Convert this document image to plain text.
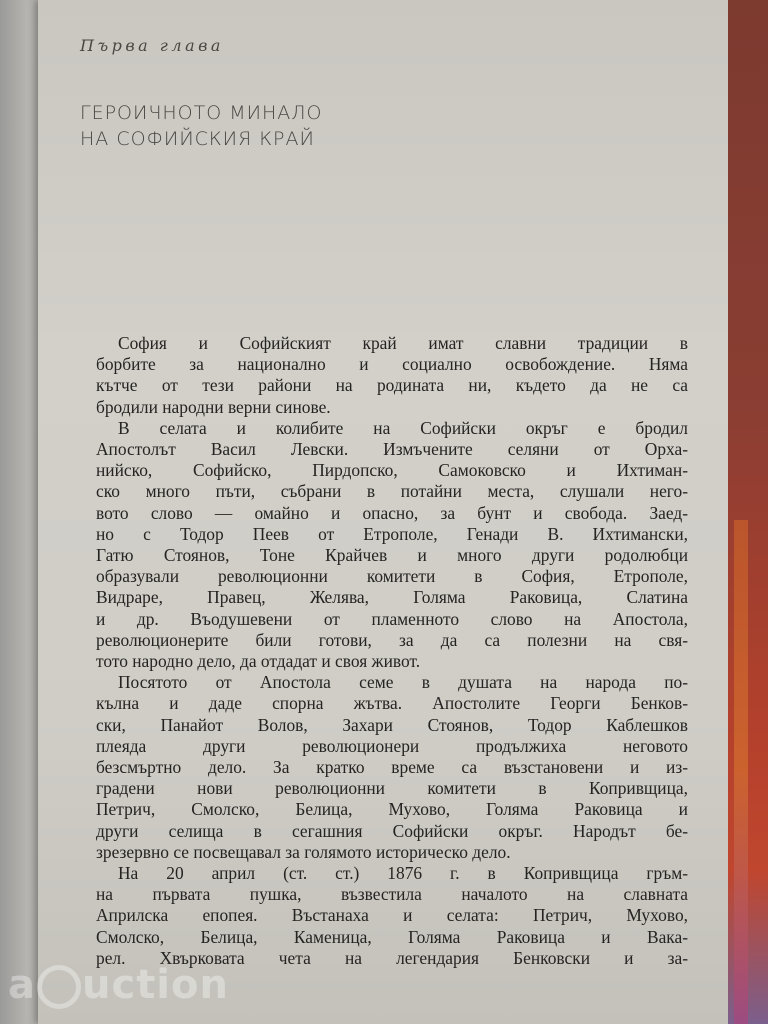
Първа глава
ГЕРОИЧНОТО МИНАЛО
НА СОФИЙСКИЯ КРАЙ
София и Софийският край имат славни традиции в
борбите за национално и социално освобождение. Няма
кътче от тези райони на родината ни, където да не са
бродили народни верни синове.
В селата и колибите на Софийски окръг е бродил
Апостолът Васил Левски. Измъчените селяни от Орха-
нийско, Софийско, Пирдопско, Самоковско и Ихтиман-
ско много пъти, събрани в потайни места, слушали него-
вото слово — омайно и опасно, за бунт и свобода. Заед-
но с Тодор Пеев от Етрополе, Генади В. Ихтимански,
Гатю Стоянов, Тоне Крайчев и много други родолюбци
образували революционни комитети в София, Етрополе,
Видраре, Правец, Желява, Голяма Раковица, Слатина
и др. Въодушевени от пламенното слово на Апостола,
революционерите били готови, за да са полезни на свя-
тото народно дело, да отдадат и своя живот.
Посятото от Апостола семе в душата на народа по-
кълна и даде спорна жътва. Апостолите Георги Бенков-
ски, Панайот Волов, Захари Стоянов, Тодор Каблешков
плеяда други революционери продължиха неговото
безсмъртно дело. За кратко време са възстановени и из-
градени нови революционни комитети в Копривщица,
Петрич, Смолско, Белица, Мухово, Голяма Раковица и
други селища в сегашния Софийски окръг. Народът бе-
зрезервно се посвещавал за голямото историческо дело.
На 20 април (ст. ст.) 1876 г. в Копривщица гръм-
на първата пушка, възвестила началото на славната
Априлска епопея. Въстанаха и селата: Петрич, Мухово,
Смолско, Белица, Каменица, Голяма Раковица и Вака-
рел. Хвърковата чета на легендария Бенковски и за-
a uction
